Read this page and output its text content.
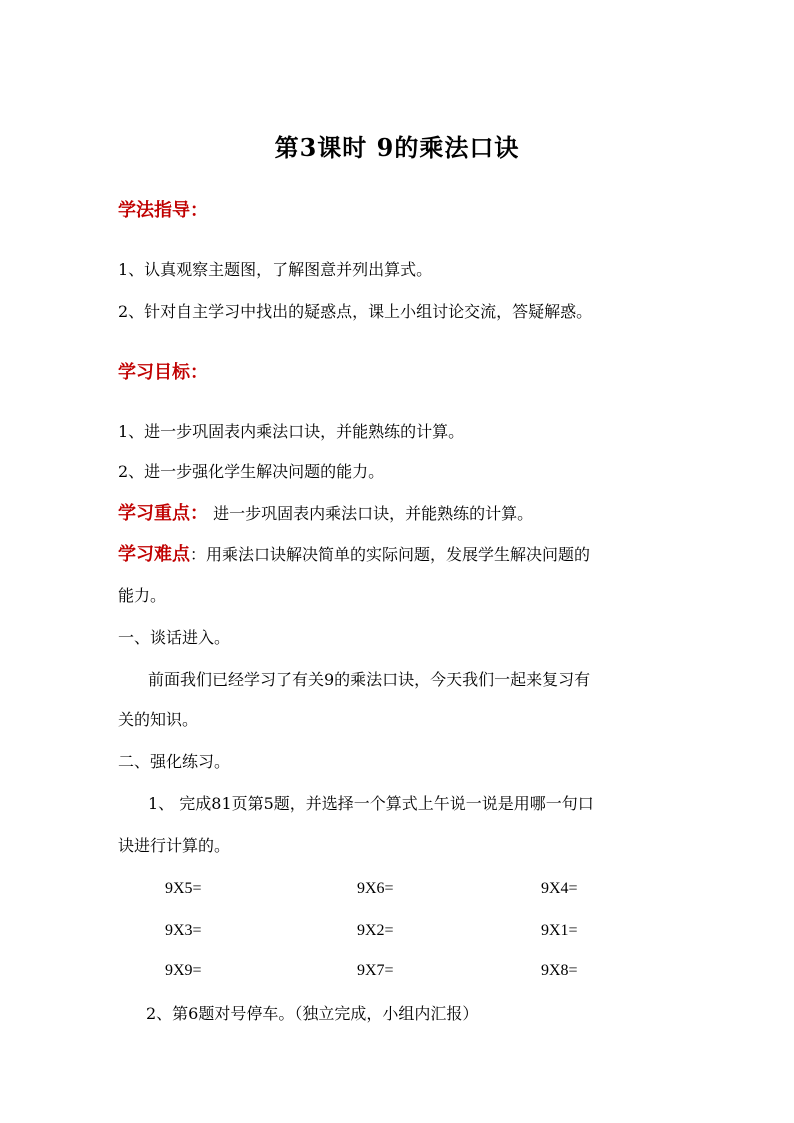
第3课时 9的乘法口诀
学法指导：
1、认真观察主题图，了解图意并列出算式。
2、针对自主学习中找出的疑惑点，课上小组讨论交流，答疑解惑。
学习目标：
1、进一步巩固表内乘法口诀，并能熟练的计算。
2、进一步强化学生解决问题的能力。
学习重点： 进一步巩固表内乘法口诀，并能熟练的计算。
学习难点：用乘法口诀解决简单的实际问题，发展学生解决问题的
能力。
一、谈话进入。
前面我们已经学习了有关9的乘法口诀，今天我们一起来复习有
关的知识。
二、强化练习。
1、 完成81页第5题，并选择一个算式上午说一说是用哪一句口
诀进行计算的。
9X5=	9X6=	9X4=
9X3=	9X2=	9X1=
9X9=	9X7=	9X8=
2、第6题对号停车。（独立完成，小组内汇报）
